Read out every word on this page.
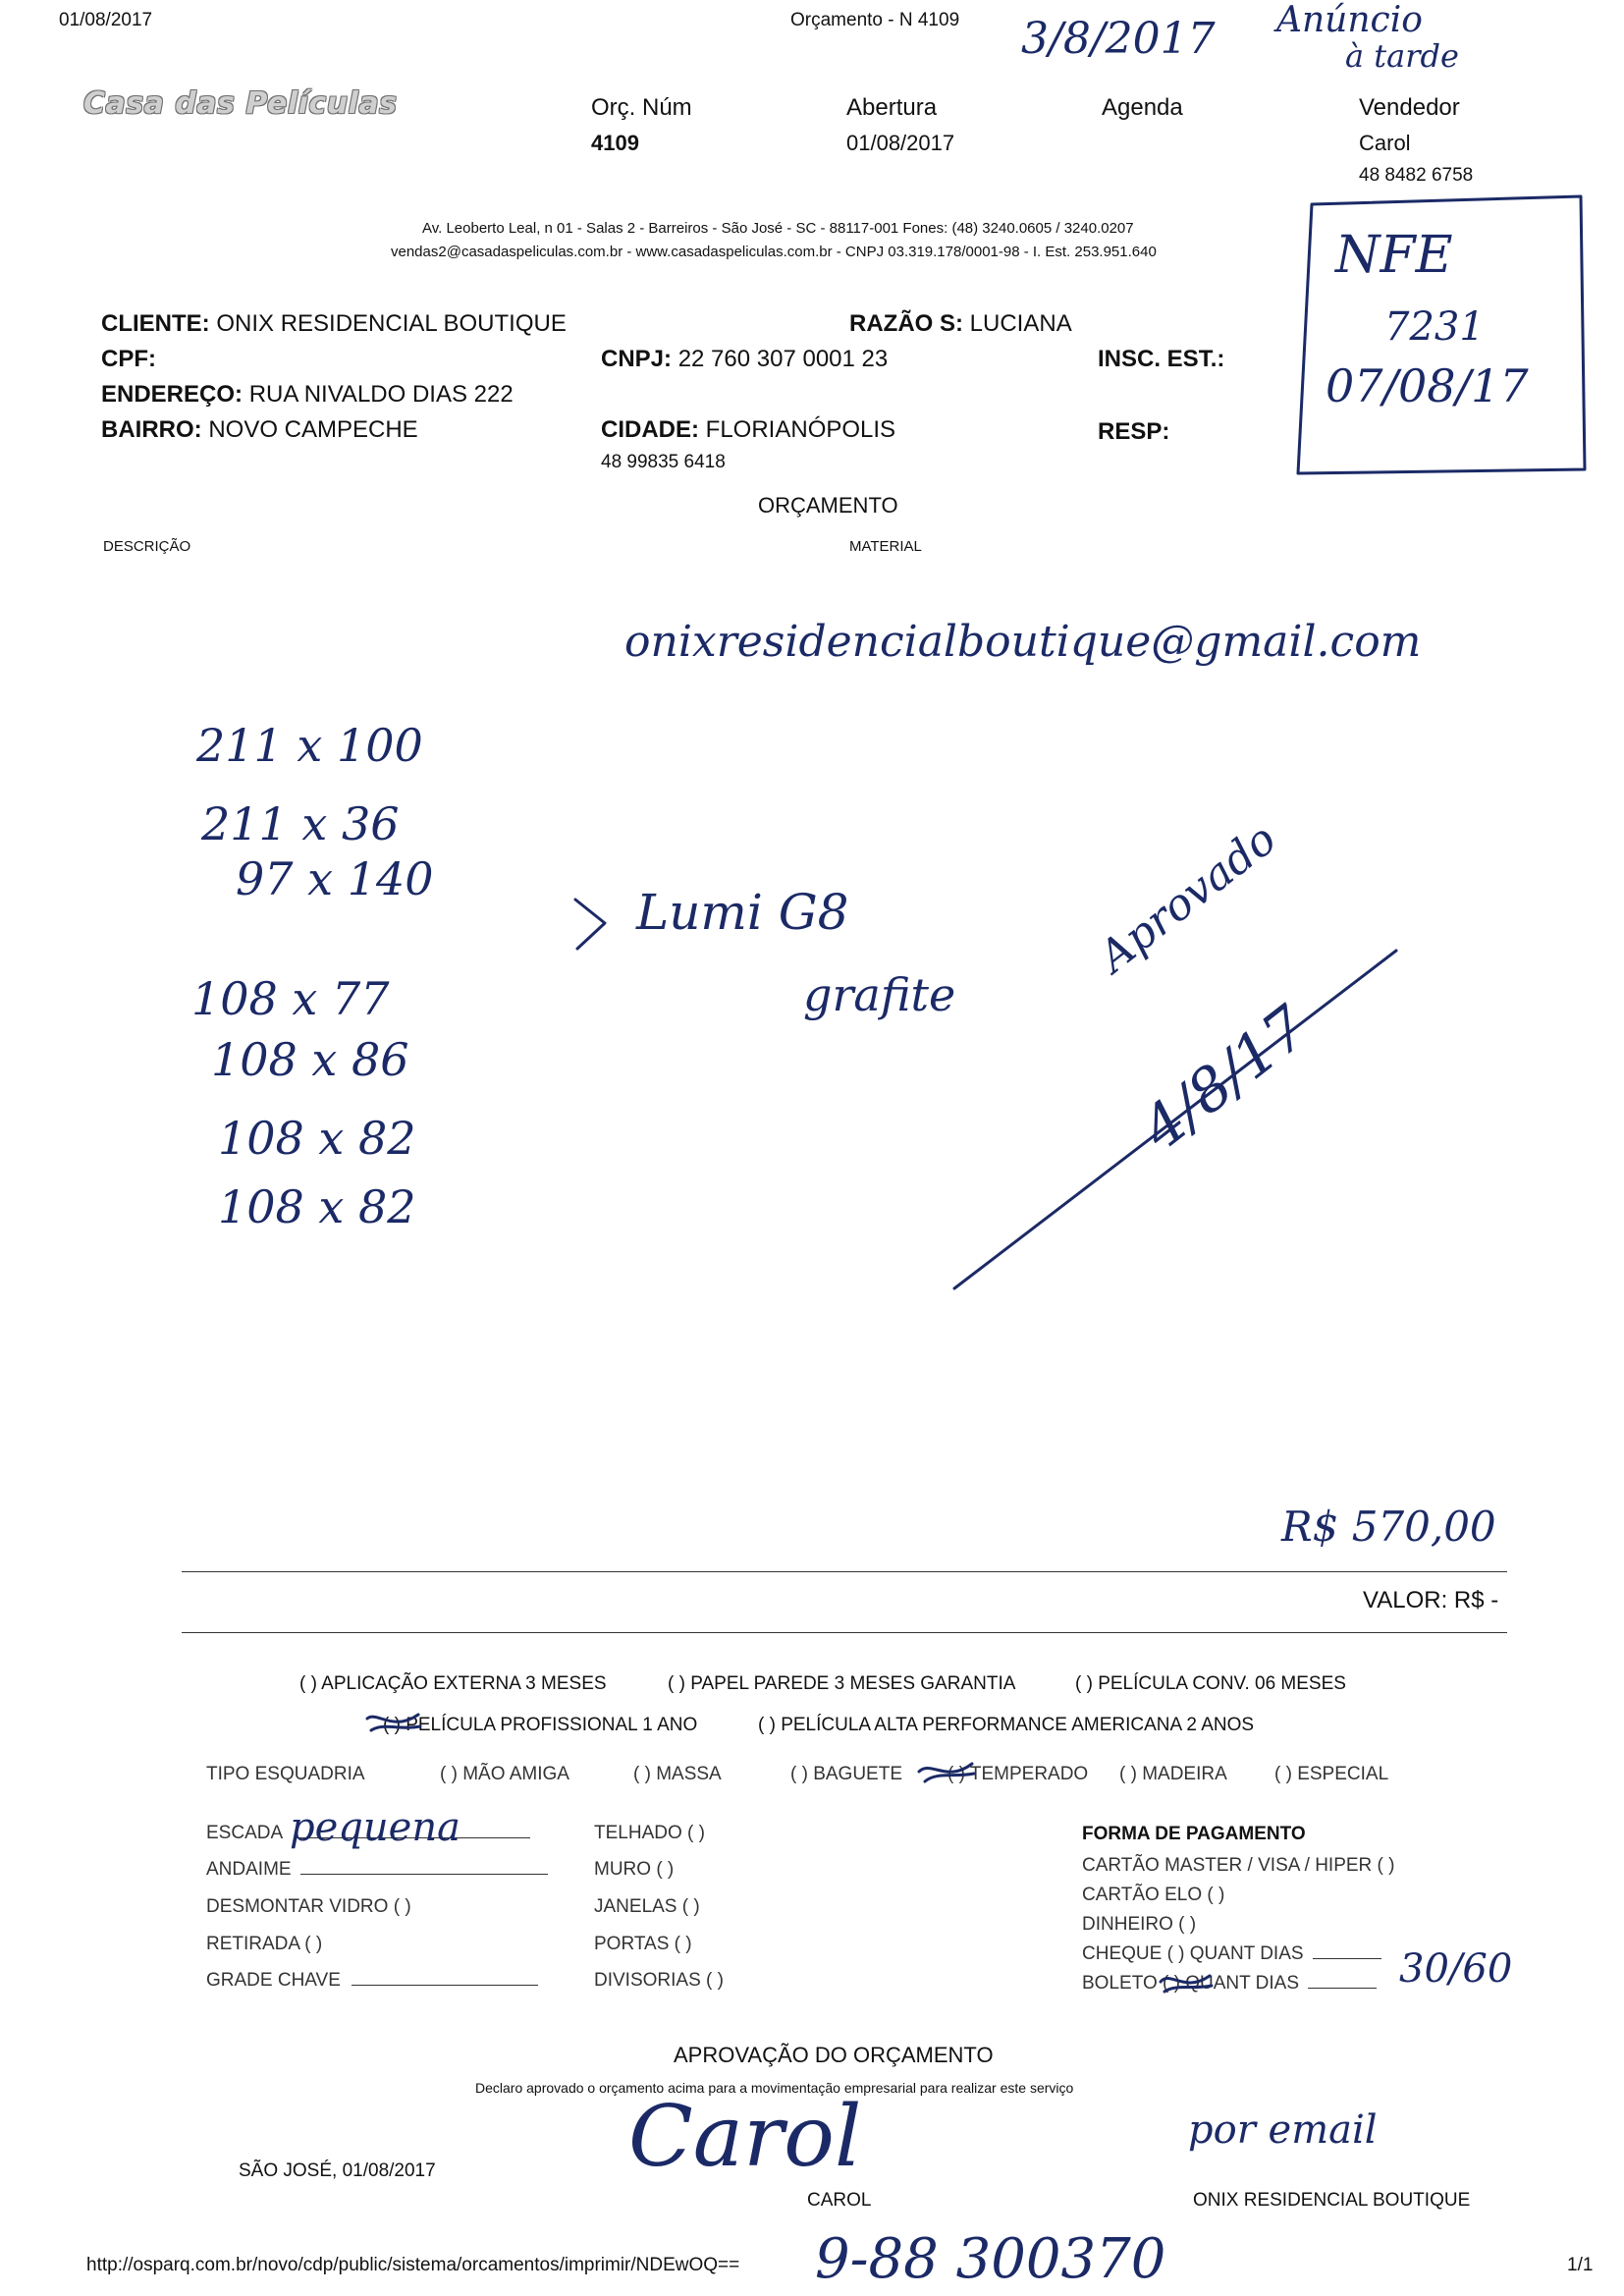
01/08/2017	Orçamento - N 4109 3/8/2017 Anúncio
à tarde
Casa das Películas	Orç. Núm
4109
Abertura
01/08/2017
Agenda	Vendedor
Carol
48 8482 6758
Av. Leoberto Leal, n 01 - Salas 2 - Barreiros - São José - SC - 88117-001 Fones: (48) 3240.0605 / 3240.0207
vendas2@casadaspeliculas.com.br - www.casadaspeliculas.com.br - CNPJ 03.319.178/0001-98 - I. Est. 253.951.640	NFE
7231
07/08/17
CLIENTE: ONIX RESIDENCIAL BOUTIQUE	RAZÃO S: LUCIANA
CPF:	CNPJ: 22 760 307 0001 23	INSC. EST.:
ENDEREÇO: RUA NIVALDO DIAS 222
BAIRRO: NOVO CAMPECHE	CIDADE: FLORIANÓPOLIS	RESP:
48 99835 6418
ORÇAMENTO
DESCRIÇÃO	MATERIAL
onixresidencialboutique@gmail.com
211 x 100
211 x 36
97 x 140
108 x 77
108 x 86
108 x 82
108 x 82
Lumi G8
grafite
Aprovado
4/8/17
R$ 570,00
VALOR: R$ -
( ) APLICAÇÃO EXTERNA 3 MESES	( ) PAPEL PAREDE 3 MESES GARANTIA	( ) PELÍCULA CONV. 06 MESES
( ) PELÍCULA PROFISSIONAL 1 ANO	( ) PELÍCULA ALTA PERFORMANCE AMERICANA 2 ANOS
TIPO ESQUADRIA	( ) MÃO AMIGA	( ) MASSA	( ) BAGUETE ( ) TEMPERADO ( ) MADEIRA	( ) ESPECIAL
ESCADA pequena
ANDAIME
DESMONTAR VIDRO ( )
RETIRADA ( )
GRADE CHAVE
TELHADO ( )
MURO ( )
JANELAS ( )
PORTAS ( )
DIVISORIAS ( )
FORMA DE PAGAMENTO
CARTÃO MASTER / VISA / HIPER ( )
CARTÃO ELO ( )
DINHEIRO ( )
CHEQUE ( ) QUANT DIAS
BOLETO ( ) QUANT DIAS	30/60
APROVAÇÃO DO ORÇAMENTO
Declaro aprovado o orçamento acima para a movimentação empresarial para realizar este serviço
SÃO JOSÉ, 01/08/2017 Carol	por email
CAROL	ONIX RESIDENCIAL BOUTIQUE
http://osparq.com.br/novo/cdp/public/sistema/orcamentos/imprimir/NDEwOQ== 9-88 300370	1/1
